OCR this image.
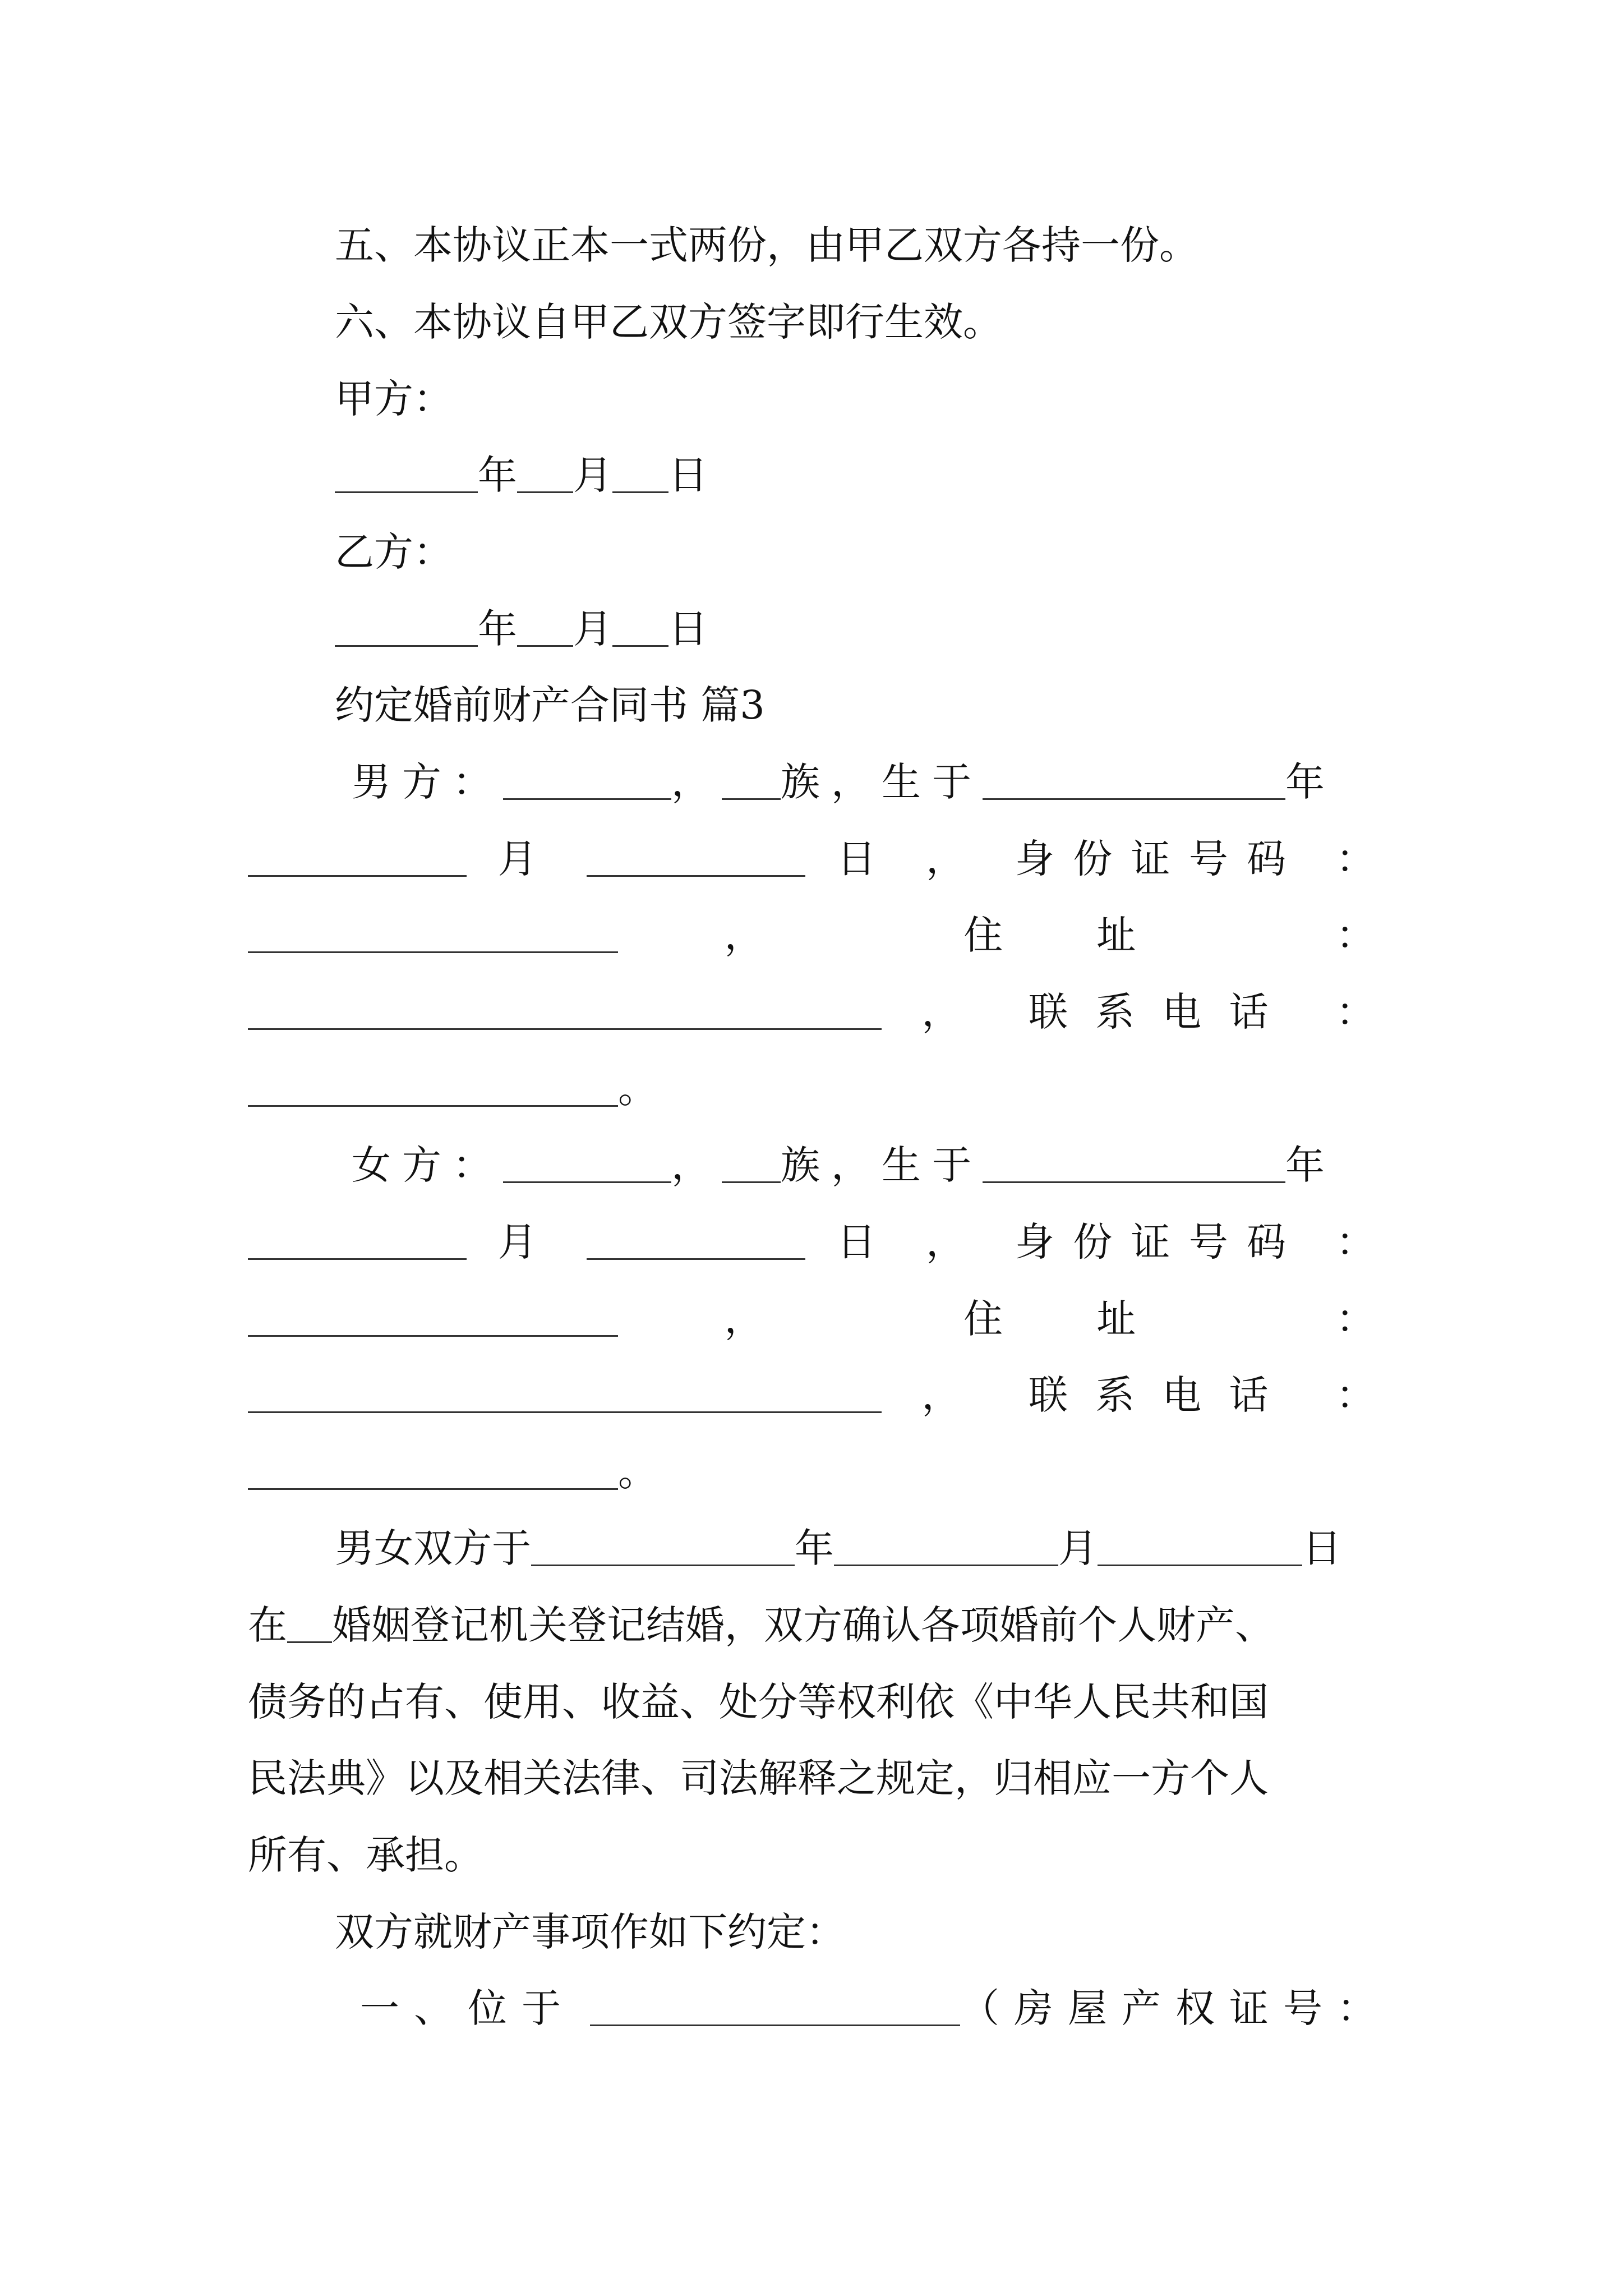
五、本协议正本一式两份，由甲乙双方各持一份。
六、本协议自甲乙双方签字即行生效。
甲方：
年 月 日
乙方：
年 月 日
约定婚前财产合同书 篇3
男方：	， 族，生于	年
月	日 ， 身份证号码 ：
，	住址	：
， 联系电话 ：
。
女方：	， 族，生于	年
月	日 ， 身份证号码 ：
，	住址	：
， 联系电话 ：
。
男女双方于	年	月	日
在 婚姻登记机关登记结婚，双方确认各项婚前个人财产、
债务的占有、使用、收益、处分等权利依《中华人民共和国
民法典》以及相关法律、司法解释之规定，归相应一方个人
所有、承担。
双方就财产事项作如下约定：
一、位于	（房屋产权证号：
